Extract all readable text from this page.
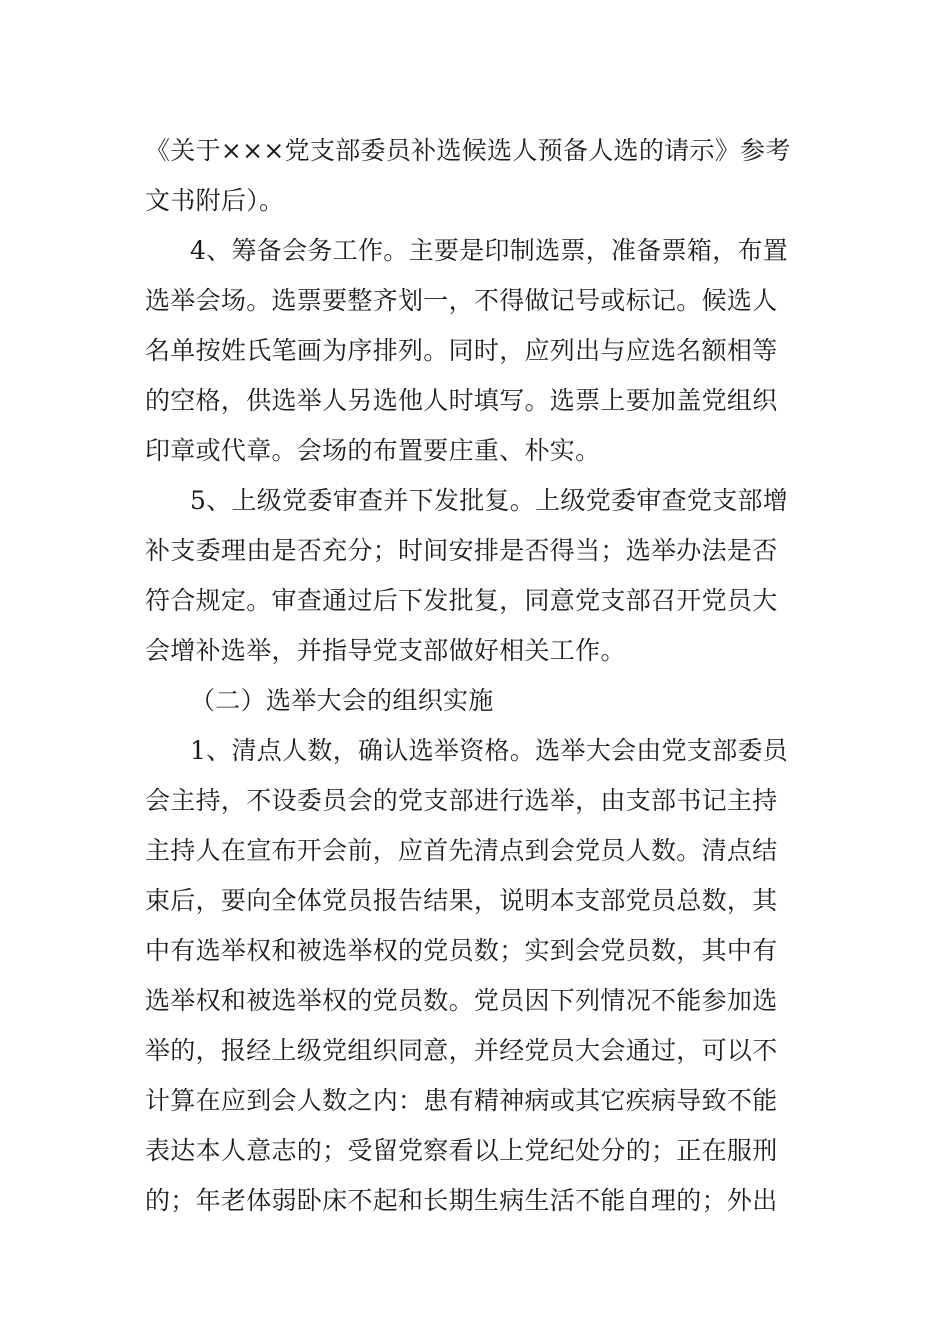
《关于×××党支部委员补选候选人预备人选的请示》参考
文书附后）。
4、筹备会务工作。主要是印制选票，准备票箱，布置
选举会场。选票要整齐划一，不得做记号或标记。候选人
名单按姓氏笔画为序排列。同时，应列出与应选名额相等
的空格，供选举人另选他人时填写。选票上要加盖党组织
印章或代章。会场的布置要庄重、朴实。
5、上级党委审查并下发批复。上级党委审查党支部增
补支委理由是否充分；时间安排是否得当；选举办法是否
符合规定。审查通过后下发批复，同意党支部召开党员大
会增补选举，并指导党支部做好相关工作。
（二）选举大会的组织实施
1、清点人数，确认选举资格。选举大会由党支部委员
会主持，不设委员会的党支部进行选举，由支部书记主持
主持人在宣布开会前，应首先清点到会党员人数。清点结
束后，要向全体党员报告结果，说明本支部党员总数，其
中有选举权和被选举权的党员数；实到会党员数，其中有
选举权和被选举权的党员数。党员因下列情况不能参加选
举的，报经上级党组织同意，并经党员大会通过，可以不
计算在应到会人数之内：患有精神病或其它疾病导致不能
表达本人意志的；受留党察看以上党纪处分的；正在服刑
的；年老体弱卧床不起和长期生病生活不能自理的；外出
